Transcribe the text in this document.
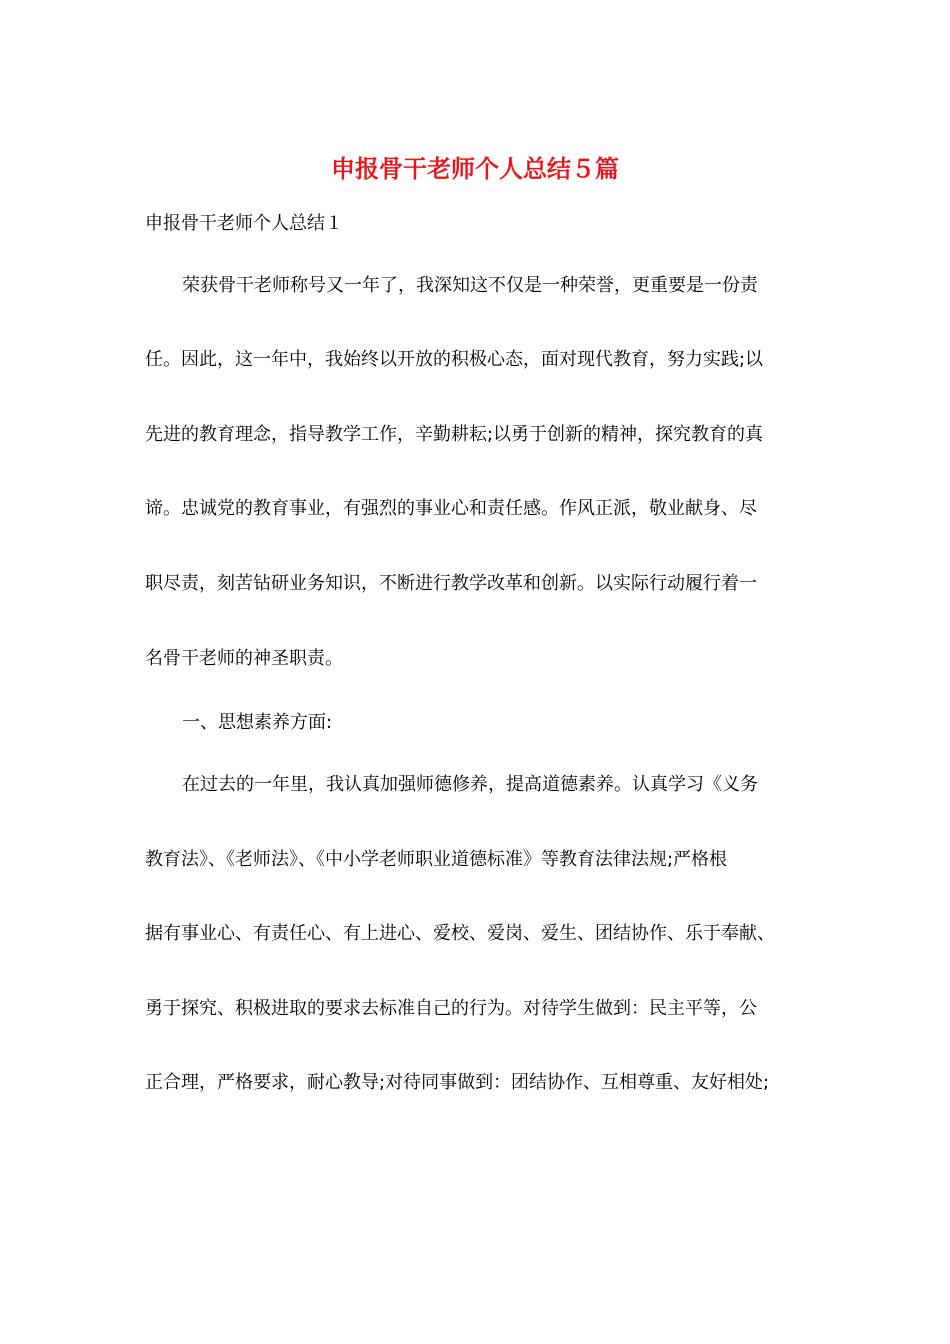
申报骨干老师个人总结５篇
申报骨干老师个人总结１
荣获骨干老师称号又一年了，我深知这不仅是一种荣誉，更重要是一份责
任。因此，这一年中，我始终以开放的积极心态，面对现代教育，努力实践;以
先进的教育理念，指导教学工作，辛勤耕耘;以勇于创新的精神，探究教育的真
谛。忠诚党的教育事业，有强烈的事业心和责任感。作风正派，敬业献身、尽
职尽责，刻苦钻研业务知识，不断进行教学改革和创新。以实际行动履行着一
名骨干老师的神圣职责。
一、思想素养方面:
在过去的一年里，我认真加强师德修养，提高道德素养。认真学习《义务
教育法》、《老师法》、《中小学老师职业道德标准》等教育法律法规;严格根
据有事业心、有责任心、有上进心、爱校、爱岗、爱生、团结协作、乐于奉献、
勇于探究、积极进取的要求去标准自己的行为。对待学生做到：民主平等，公
正合理，严格要求，耐心教导;对待同事做到：团结协作、互相尊重、友好相处;
